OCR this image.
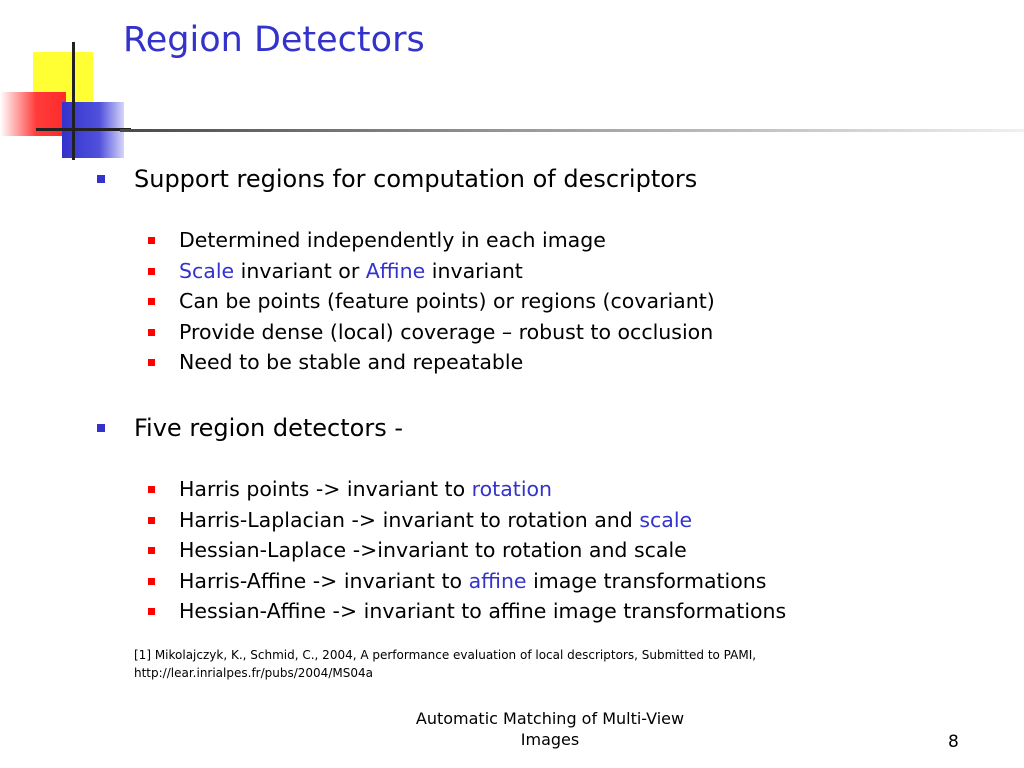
Region Detectors
Support regions for computation of descriptors
Determined independently in each image
Scale invariant or Affine invariant
Can be points (feature points) or regions (covariant)
Provide dense (local) coverage – robust to occlusion
Need to be stable and repeatable
Five region detectors -
Harris points -> invariant to rotation
Harris-Laplacian -> invariant to rotation and scale
Hessian-Laplace ->invariant to rotation and scale
Harris-Affine -> invariant to affine image transformations
Hessian-Affine -> invariant to affine image transformations
[1] Mikolajczyk, K., Schmid, C., 2004, A performance evaluation of local descriptors, Submitted to PAMI,
http://lear.inrialpes.fr/pubs/2004/MS04a
Automatic Matching of Multi-View
Images	8
